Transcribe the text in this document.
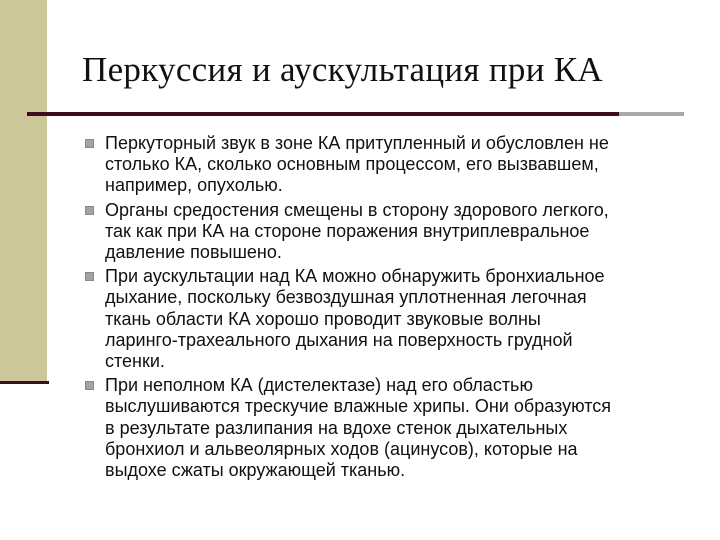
Перкуссия и аускультация при КА
Перкуторный звук в зоне КА притупленный и обусловлен не
столько КА, сколько основным процессом, его вызвавшем,
например, опухолью.
Органы средостения смещены в сторону здорового легкого,
так как при КА на стороне поражения внутриплевральное
давление повышено.
При аускультации над КА можно обнаружить бронхиальное
дыхание, поскольку безвоздушная уплотненная легочная
ткань области КА хорошо проводит звуковые волны
ларинго-трахеального дыхания на поверхность грудной
стенки.
При неполном КА (дистелектазе) над его областью
выслушиваются трескучие влажные хрипы. Они образуются
в результате разлипания на вдохе стенок дыхательных
бронхиол и альвеолярных ходов (ацинусов), которые на
выдохе сжаты окружающей тканью.
